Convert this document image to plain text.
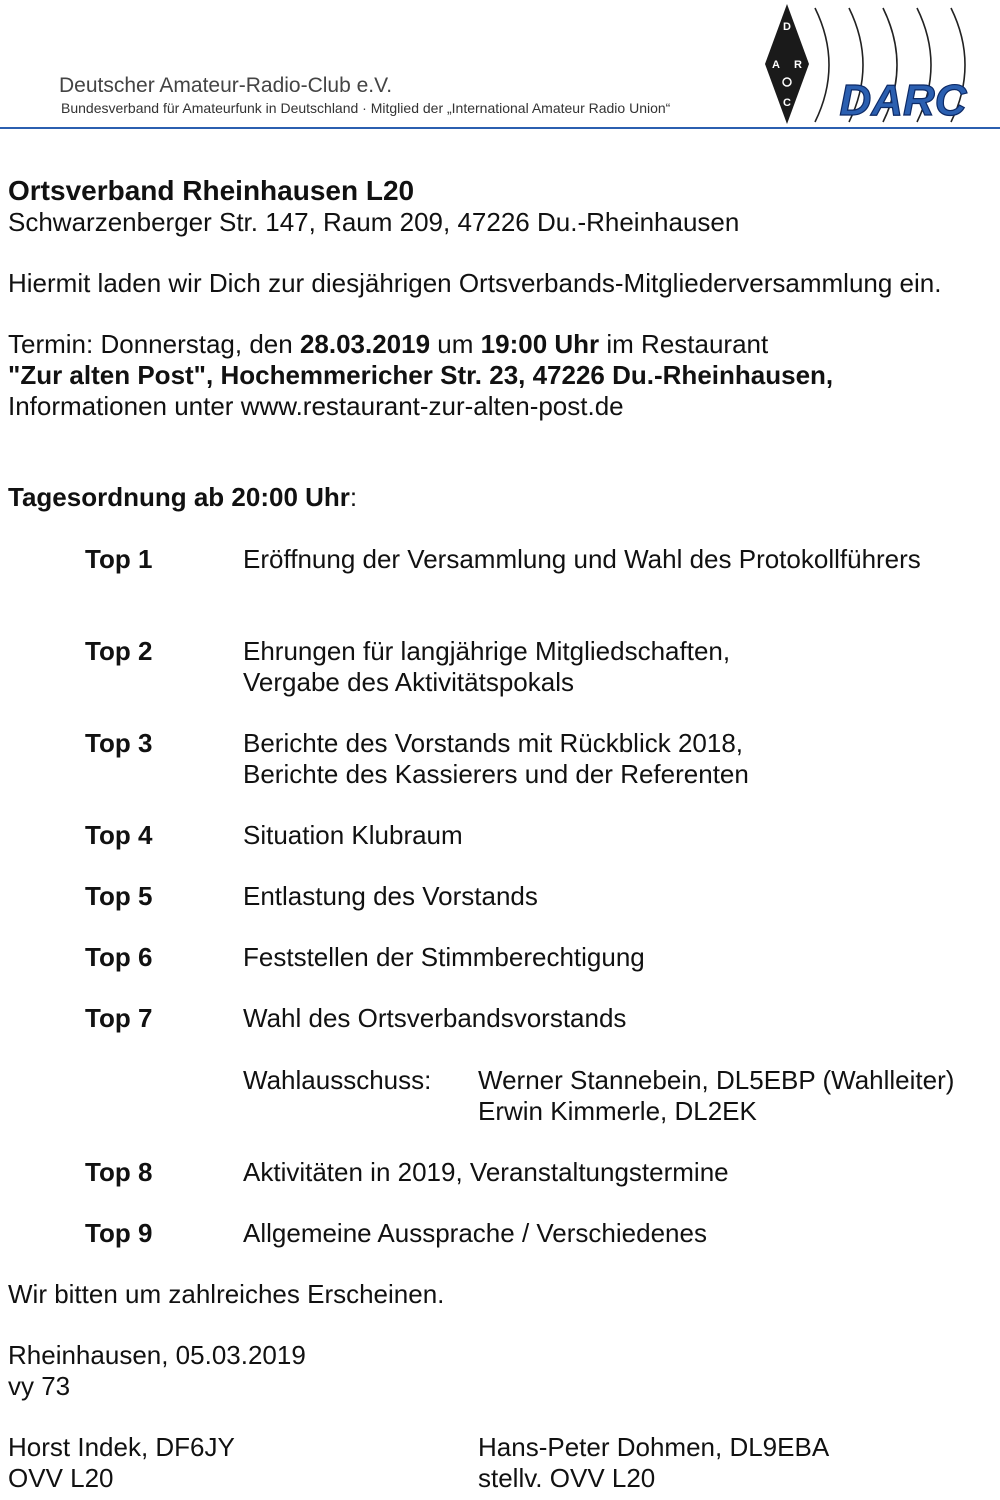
Deutscher Amateur-Radio-Club e.V.
Bundesverband für Amateurfunk in Deutschland · Mitglied der „International Amateur Radio Union“
D
A R
C DARC
Ortsverband Rheinhausen L20
Schwarzenberger Str. 147, Raum 209, 47226 Du.-Rheinhausen
Hiermit laden wir Dich zur diesjährigen Ortsverbands-Mitgliederversammlung ein.
Termin: Donnerstag, den 28.03.2019 um 19:00 Uhr im Restaurant
"Zur alten Post", Hochemmericher Str. 23, 47226 Du.-Rheinhausen,
Informationen unter www.restaurant-zur-alten-post.de
Tagesordnung ab 20:00 Uhr:
Top 1	Eröffnung der Versammlung und Wahl des Protokollführers
Top 2	Ehrungen für langjährige Mitgliedschaften,
Vergabe des Aktivitätspokals
Top 3	Berichte des Vorstands mit Rückblick 2018,
Berichte des Kassierers und der Referenten
Top 4	Situation Klubraum
Top 5	Entlastung des Vorstands
Top 6	Feststellen der Stimmberechtigung
Top 7	Wahl des Ortsverbandsvorstands
Wahlausschuss: Werner Stannebein, DL5EBP (Wahlleiter)
Erwin Kimmerle, DL2EK
Top 8	Aktivitäten in 2019, Veranstaltungstermine
Top 9	Allgemeine Aussprache / Verschiedenes
Wir bitten um zahlreiches Erscheinen.
Rheinhausen, 05.03.2019
vy 73
Horst Indek, DF6JY
OVV L20
Hans-Peter Dohmen, DL9EBA
stellv. OVV L20
